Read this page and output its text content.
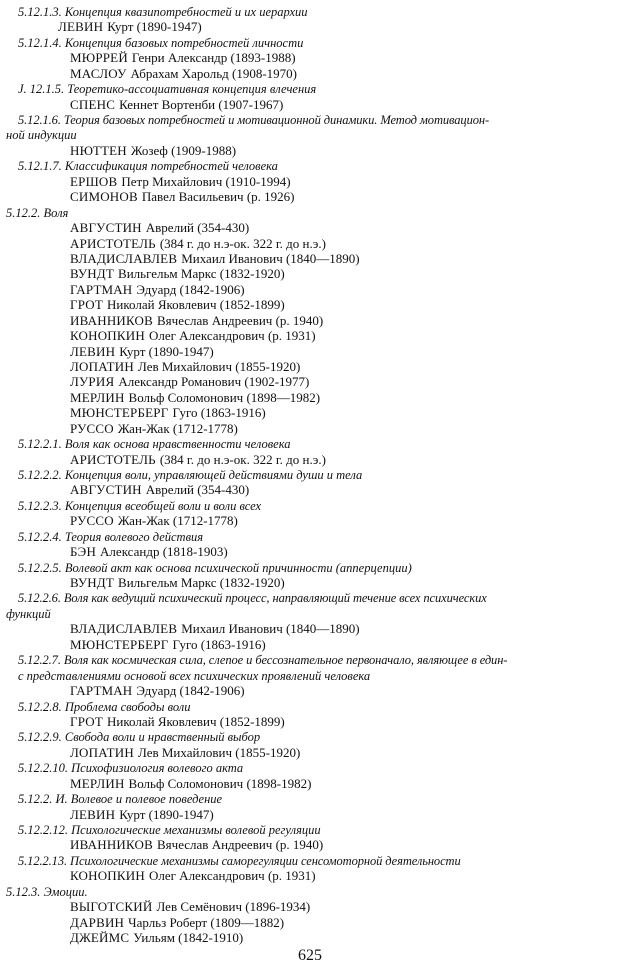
5.12.1.3. Концепция квазипотребностей и их иерархии
ЛЕВИН Курт (1890-1947)
5.12.1.4. Концепция базовых потребностей личности
МЮРРЕЙ Генри Александр (1893-1988)
МАСЛОУ Абрахам Харольд (1908-1970)
J. 12.1.5. Теоретико-ассоциативная концепция влечения
СПЕНС Кеннет Вортенби (1907-1967)
5.12.1.6. Теория базовых потребностей и мотивационной динамики. Метод мотивацион-
ной индукции
НЮТТЕН Жозеф (1909-1988)
5.12.1.7. Классификация потребностей человека
ЕРШОВ Петр Михайлович (1910-1994)
СИМОНОВ Павел Васильевич (р. 1926)
5.12.2. Воля
АВГУСТИН Аврелий (354-430)
АРИСТОТЕЛЬ (384 г. до н.э-ок. 322 г. до н.э.)
ВЛАДИСЛАВЛЕВ Михаил Иванович (1840—1890)
ВУНДТ Вильгельм Маркс (1832-1920)
ГАРТМАН Эдуард (1842-1906)
ГРОТ Николай Яковлевич (1852-1899)
ИВАННИКОВ Вячеслав Андреевич (р. 1940)
КОНОПКИН Олег Александрович (р. 1931)
ЛЕВИН Курт (1890-1947)
ЛОПАТИН Лев Михайлович (1855-1920)
ЛУРИЯ Александр Романович (1902-1977)
МЕРЛИН Вольф Соломонович (1898—1982)
МЮНСТЕРБЕРГ Гуго (1863-1916)
РУССО Жан-Жак (1712-1778)
5.12.2.1. Воля как основа нравственности человека
АРИСТОТЕЛЬ (384 г. до н.э-ок. 322 г. до н.э.)
5.12.2.2. Концепция воли, управляющей действиями души и тела
АВГУСТИН Аврелий (354-430)
5.12.2.3. Концепция всеобщей воли и воли всех
РУССО Жан-Жак (1712-1778)
5.12.2.4. Теория волевого действия
БЭН Александр (1818-1903)
5.12.2.5. Волевой акт как основа психической причинности (апперцепции)
ВУНДТ Вильгельм Маркс (1832-1920)
5.12.2.6. Воля как ведущий психический процесс, направляющий течение всех психических
функций
ВЛАДИСЛАВЛЕВ Михаил Иванович (1840—1890)
МЮНСТЕРБЕРГ Гуго (1863-1916)
5.12.2.7. Воля как космическая сила, слепое и бессознательное первоначало, являющее в един-
с представлениями основой всех психических проявлений человека
ГАРТМАН Эдуард (1842-1906)
5.12.2.8. Проблема свободы воли
ГРОТ Николай Яковлевич (1852-1899)
5.12.2.9. Свобода воли и нравственный выбор
ЛОПАТИН Лев Михайлович (1855-1920)
5.12.2.10. Психофизиология волевого акта
МЕРЛИН Вольф Соломонович (1898-1982)
5.12.2. И. Волевое и полевое поведение
ЛЕВИН Курт (1890-1947)
5.12.2.12. Психологические механизмы волевой регуляции
ИВАННИКОВ Вячеслав Андреевич (р. 1940)
5.12.2.13. Психологические механизмы саморегуляции сенсомоторной деятельности
КОНОПКИН Олег Александрович (р. 1931)
5.12.3. Эмоции.
ВЫГОТСКИЙ Лев Семёнович (1896-1934)
ДАРВИН Чарльз Роберт (1809—1882)
ДЖЕЙМС Уильям (1842-1910)
625
